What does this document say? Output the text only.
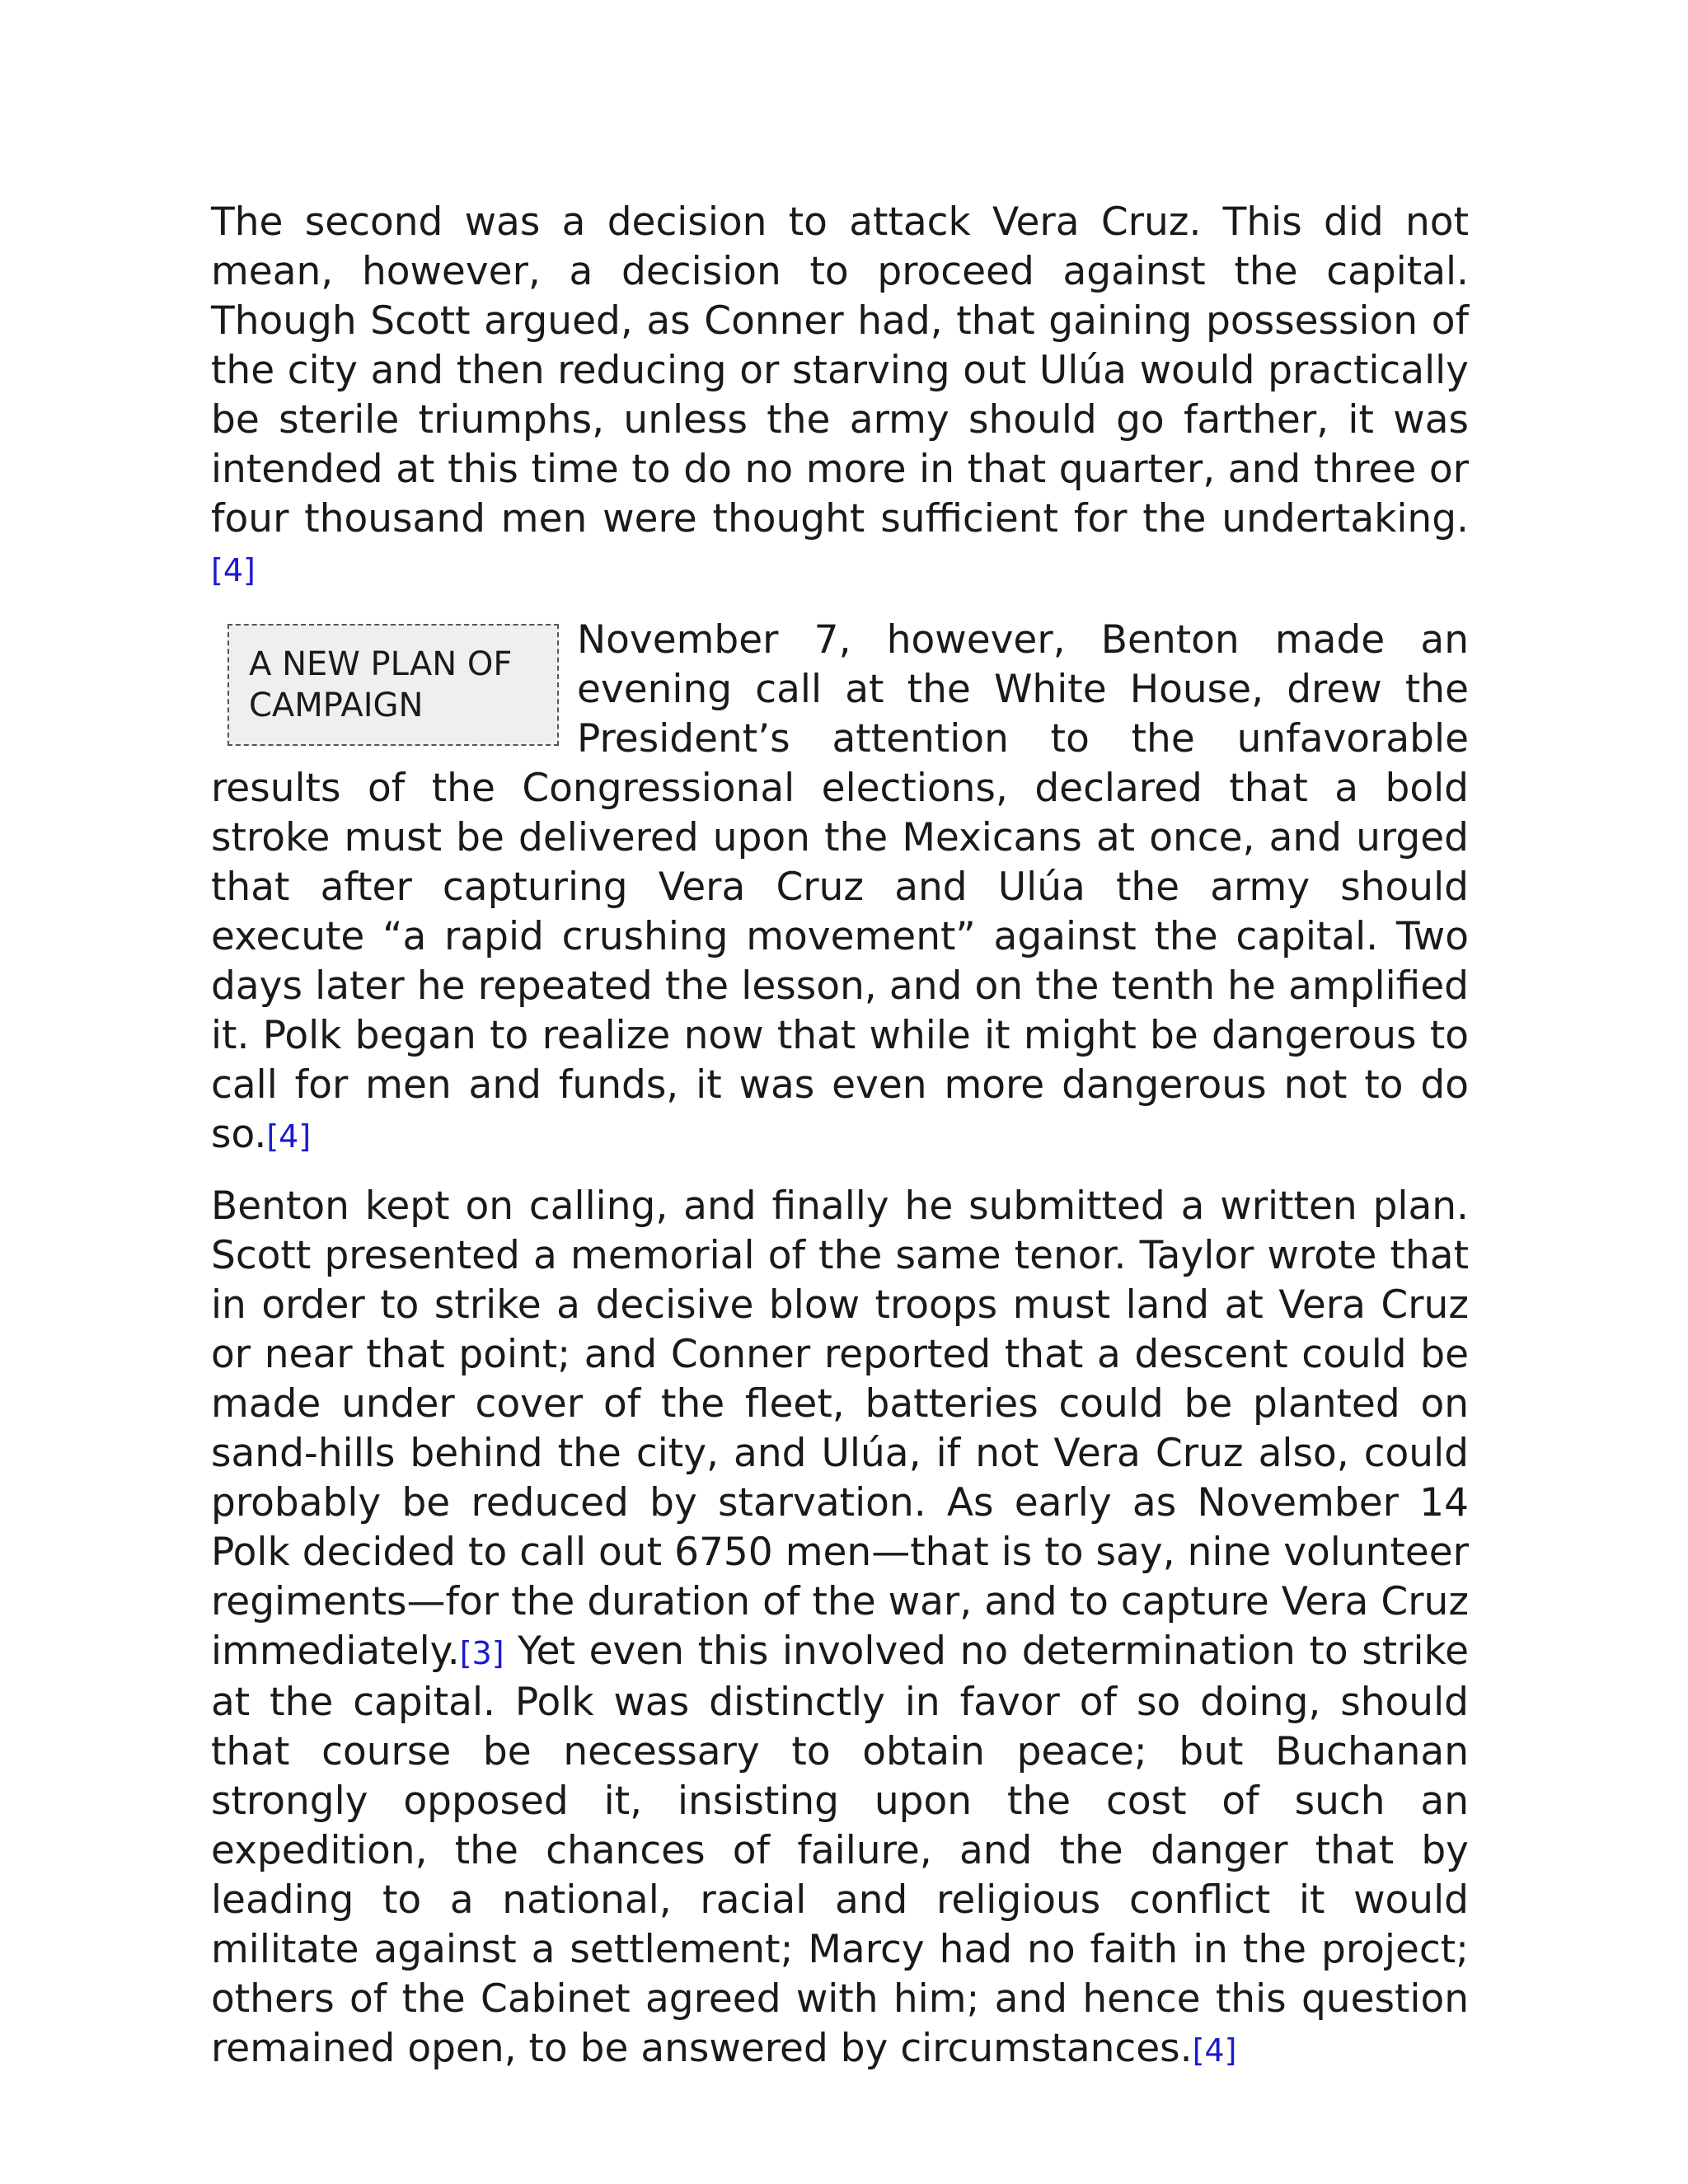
The second was a decision to attack Vera Cruz. This did not mean, however, a decision to proceed against the capital. Though Scott argued, as Conner had, that gaining possession of the city and then reducing or starving out Ulúa would practically be sterile triumphs, unless the army should go farther, it was intended at this time to do no more in that quarter, and three or four thousand men were thought sufficient for the undertaking.[4]

A NEW PLAN OF
CAMPAIGN
November 7, however, Benton made an evening call at the White House, drew the President’s attention to the unfavorable results of the Congressional elections, declared that a bold stroke must be delivered upon the Mexicans at once, and urged that after capturing Vera Cruz and Ulúa the army should execute “a rapid crushing movement” against the capital. Two days later he repeated the lesson, and on the tenth he amplified it. Polk began to realize now that while it might be dangerous to call for men and funds, it was even more dangerous not to do so.[4]

Benton kept on calling, and finally he submitted a written plan. Scott presented a memorial of the same tenor. Taylor wrote that in order to strike a decisive blow troops must land at Vera Cruz or near that point; and Conner reported that a descent could be made under cover of the fleet, batteries could be planted on sand-hills behind the city, and Ulúa, if not Vera Cruz also, could probably be reduced by starvation. As early as November 14 Polk decided to call out 6750 men—that is to say, nine volunteer regiments—for the duration of the war, and to capture Vera Cruz immediately.[3] Yet even this involved no determination to strike at the capital. Polk was distinctly in favor of so doing, should that course be necessary to obtain peace; but Buchanan strongly opposed it, insisting upon the cost of such an expedition, the chances of failure, and the danger that by leading to a national, racial and religious conflict it would militate against a settlement; Marcy had no faith in the project; others of the Cabinet agreed with him; and hence this question remained open, to be answered by circumstances.[4]
